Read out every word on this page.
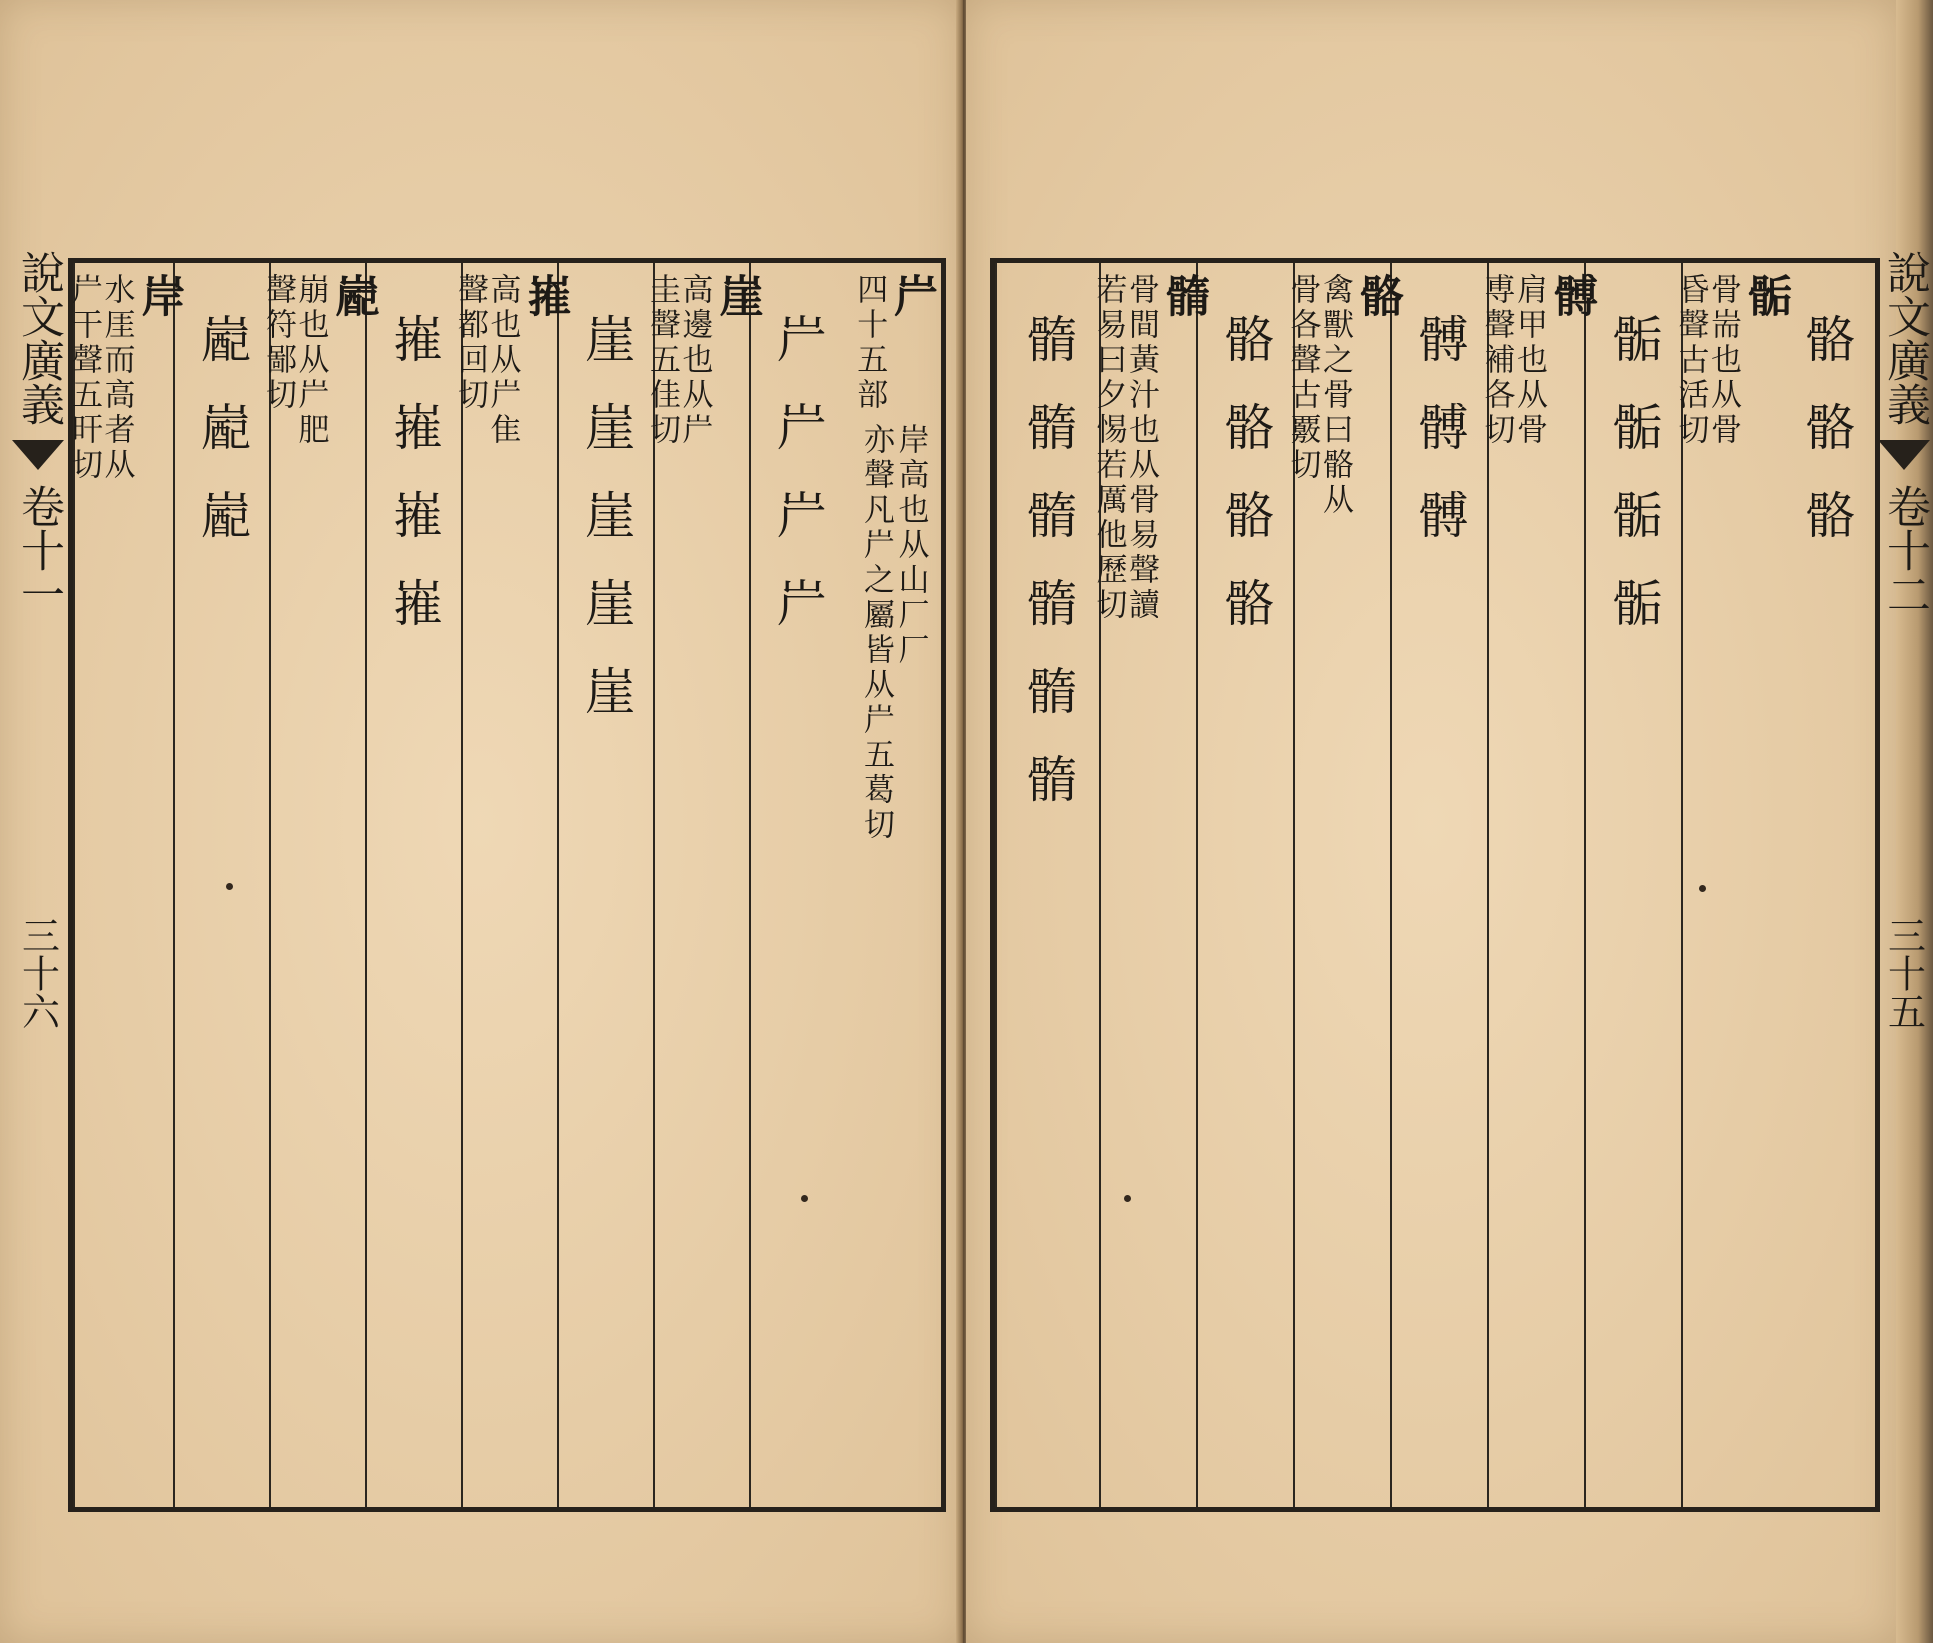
說文廣義
卷十一
三十六
屵
四十五部
岸高也从山厂厂
亦聲凡屵之屬皆从屵五葛切
屵屵屵屵
崖
高邊也从屵
圭聲五佳切
崖崖崖崖崖
嶊
高也从屵隹
聲都回切
嶊嶊嶊嶊
嶏
崩也从屵肥
聲符鄙切
嶏嶏嶏
岸
水厓而高者从
屵干聲五旰切	骼骼骼
骺
骨耑也从骨
昏聲古活切
骺骺骺骺
髆
肩甲也从骨
尃聲補各切
髆髆髆
骼
禽獸之骨曰骼从
骨各聲古覈切
骼骼骼骼
䯝
骨間黃汁也从骨易聲讀
若易曰夕惕若厲他歷切
䯝䯝䯝䯝䯝䯝	說文廣義
卷十二
三十五
